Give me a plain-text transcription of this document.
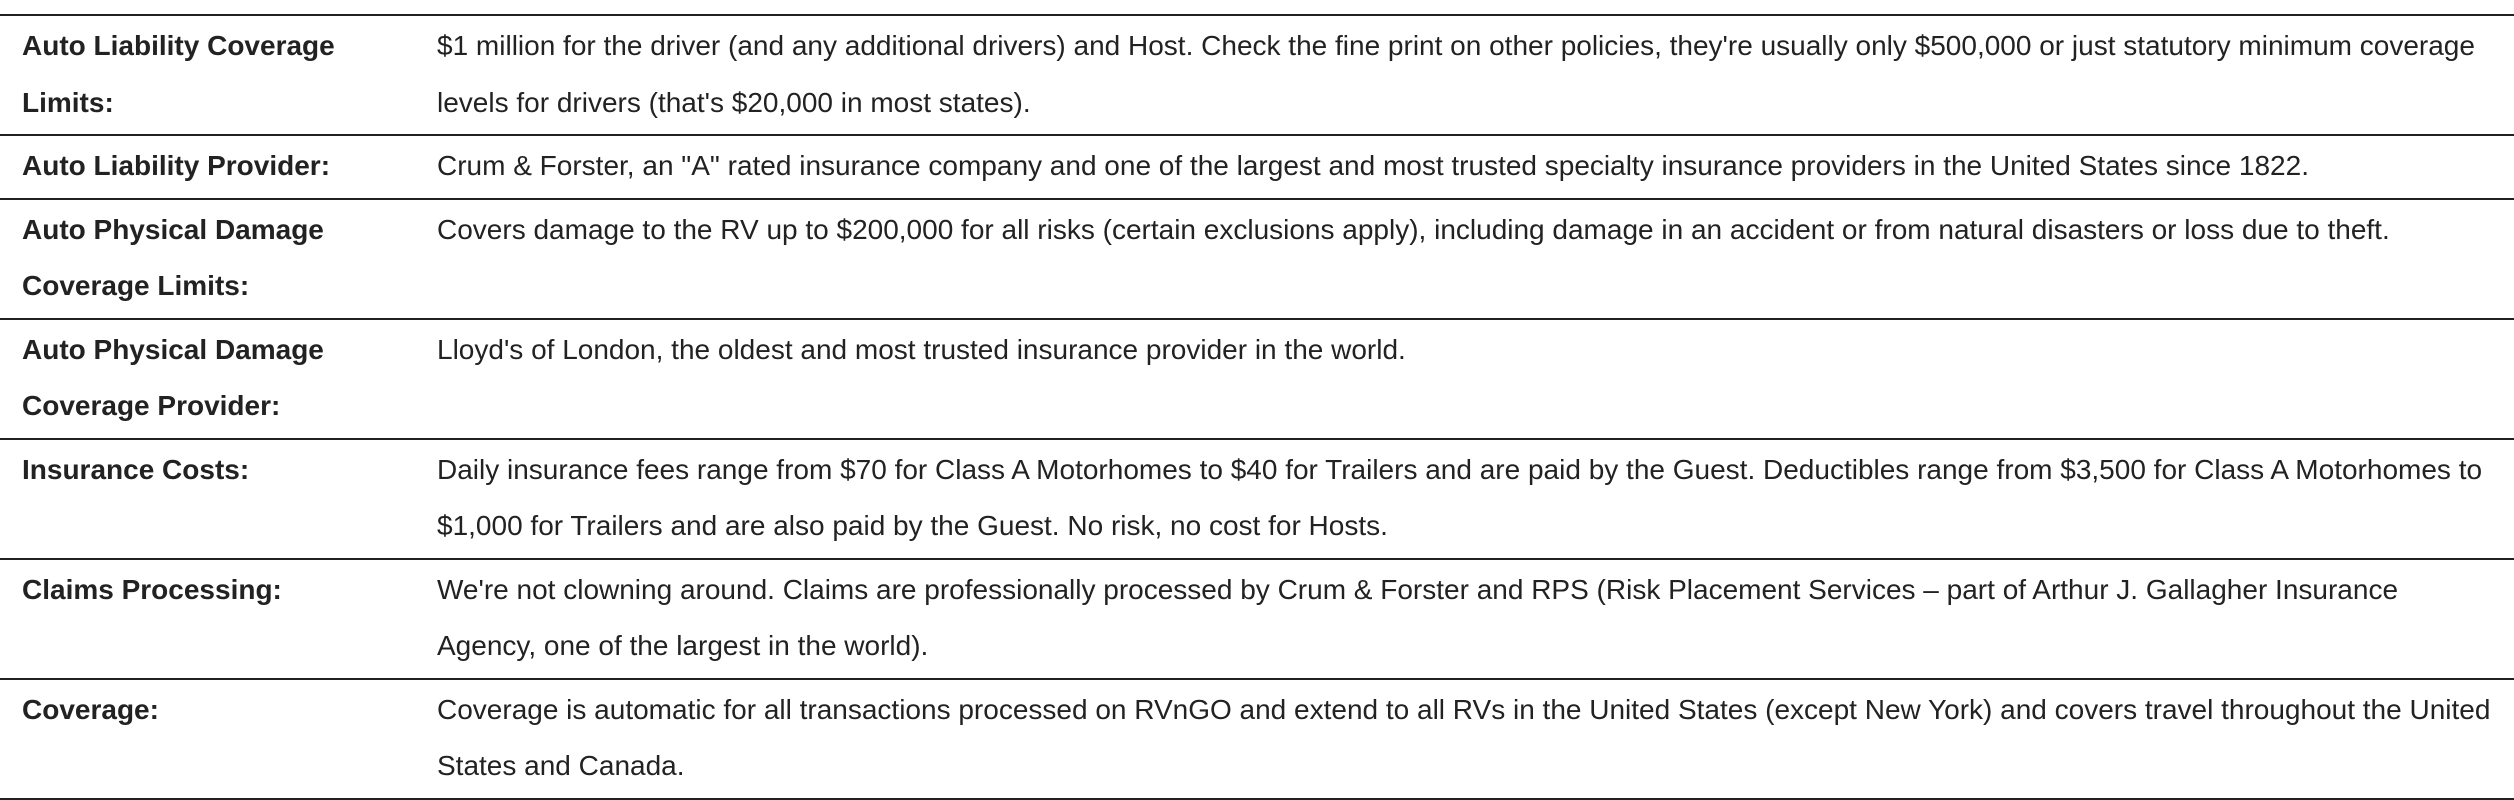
Auto Liability Coverage Limits:	$1 million for the driver (and any additional drivers) and Host. Check the fine print on other policies, they're usually only $500,000 or just statutory minimum coverage levels for drivers (that's $20,000 in most states).
Auto Liability Provider:	Crum & Forster, an "A" rated insurance company and one of the largest and most trusted specialty insurance providers in the United States since 1822.
Auto Physical Damage Coverage Limits:	Covers damage to the RV up to $200,000 for all risks (certain exclusions apply), including damage in an accident or from natural disasters or loss due to theft.
Auto Physical Damage Coverage Provider:	Lloyd's of London, the oldest and most trusted insurance provider in the world.
Insurance Costs:	Daily insurance fees range from $70 for Class A Motorhomes to $40 for Trailers and are paid by the Guest. Deductibles range from $3,500 for Class A Motorhomes to $1,000 for Trailers and are also paid by the Guest. No risk, no cost for Hosts.
Claims Processing:	We're not clowning around. Claims are professionally processed by Crum & Forster and RPS (Risk Placement Services – part of Arthur J. Gallagher Insurance Agency, one of the largest in the world).
Coverage:	Coverage is automatic for all transactions processed on RVnGO and extend to all RVs in the United States (except New York) and covers travel throughout the United States and Canada.
